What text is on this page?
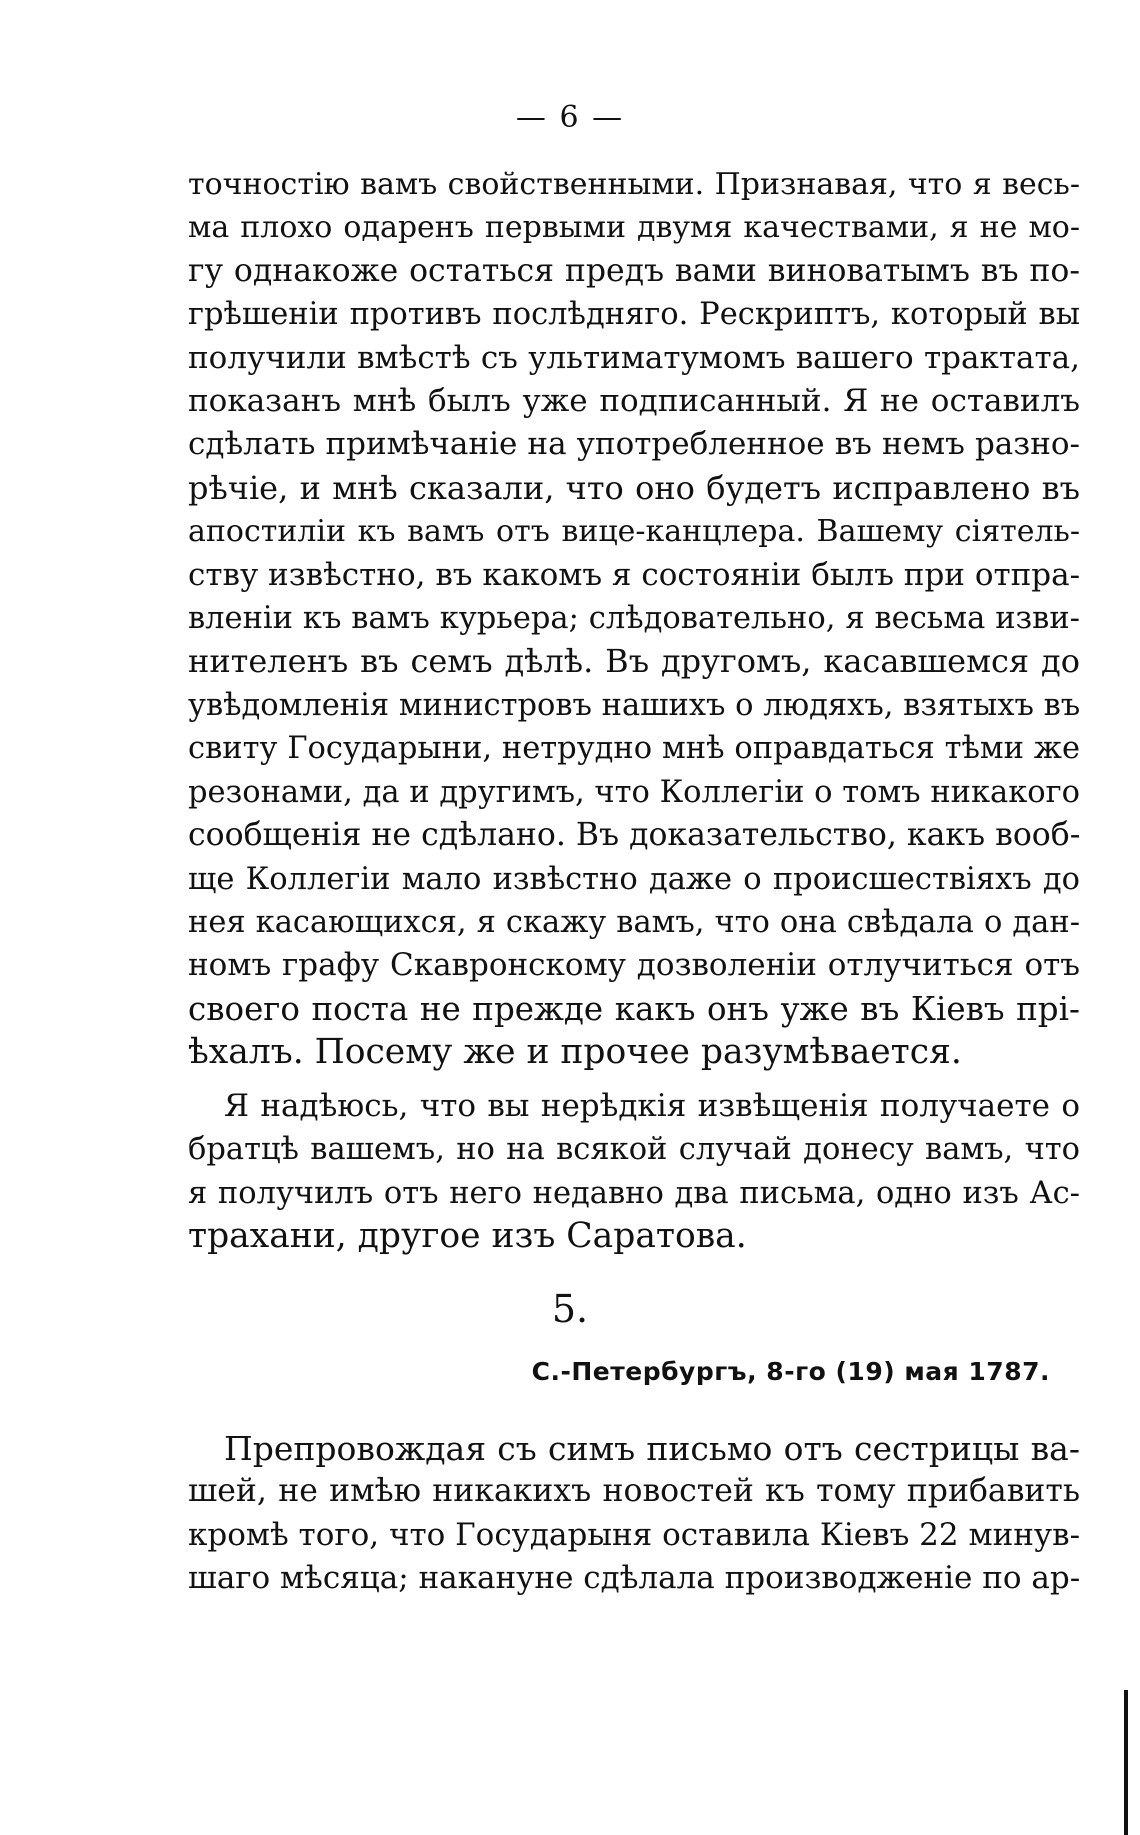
— 6 —
точностію вамъ свойственными. Признавая, что я весь-
ма плохо одаренъ первыми двумя качествами, я не мо-
гу однакоже остаться предъ вами виноватымъ въ по-
грѣшеніи противъ послѣдняго. Рескриптъ, который вы
получили вмѣстѣ съ ультиматумомъ вашего трактата,
показанъ мнѣ былъ уже подписанный. Я не оставилъ
сдѣлать примѣчаніе на употребленное въ немъ разно-
рѣчіе, и мнѣ сказали, что оно будетъ исправлено въ
апостиліи къ вамъ отъ вице-канцлера. Вашему сіятель-
ству извѣстно, въ какомъ я состояніи былъ при отпра-
вленіи къ вамъ курьера; слѣдовательно, я весьма изви-
нителенъ въ семъ дѣлѣ. Въ другомъ, касавшемся до
увѣдомленія министровъ нашихъ о людяхъ, взятыхъ въ
свиту Государыни, нетрудно мнѣ оправдаться тѣми же
резонами, да и другимъ, что Коллегіи о томъ никакого
сообщенія не сдѣлано. Въ доказательство, какъ вооб-
ще Коллегіи мало извѣстно даже о происшествіяхъ до
нея касающихся, я скажу вамъ, что она свѣдала о дан-
номъ графу Скавронскому дозволеніи отлучиться отъ
своего поста не прежде какъ онъ уже въ Кіевъ прі-
ѣхалъ. Посему же и прочее разумѣвается.
Я надѣюсь, что вы нерѣдкія извѣщенія получаете о
братцѣ вашемъ, но на всякой случай донесу вамъ, что
я получилъ отъ него недавно два письма, одно изъ Ас-
трахани, другое изъ Саратова.
5.
С.-Петербургъ, 8-го (19) мая 1787.
Препровождая съ симъ письмо отъ сестрицы ва-
шей, не имѣю никакихъ новостей къ тому прибавить
кромѣ того, что Государыня оставила Кіевъ 22 минув-
шаго мѣсяца; накануне сдѣлала производженіе по ар-
